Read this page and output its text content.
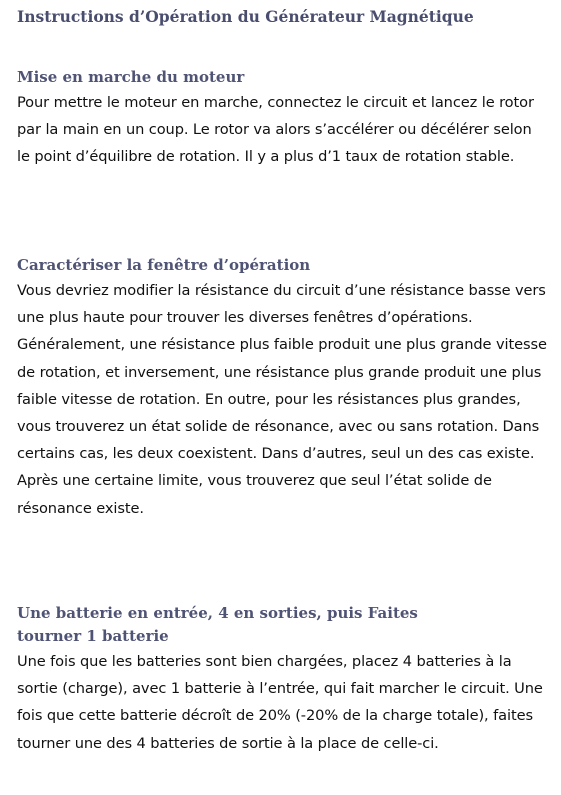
Instructions d’Opération du Générateur Magnétique
Mise en marche du moteur

Pour mettre le moteur en marche, connectez le circuit et lancez le rotor par la main en un coup. Le rotor va alors s’accélérer ou décélérer selon le point d’équilibre de rotation. Il y a plus d’1 taux de rotation stable.

Caractériser la fenêtre d’opération

Vous devriez modifier la résistance du circuit d’une résistance basse vers une plus haute pour trouver les diverses fenêtres d’opérations. Généralement, une résistance plus faible produit une plus grande vitesse de rotation, et inversement, une résistance plus grande produit une plus faible vitesse de rotation. En outre, pour les résistances plus grandes, vous trouverez un état solide de résonance, avec ou sans rotation. Dans certains cas, les deux coexistent. Dans d’autres, seul un des cas existe. Après une certaine limite, vous trouverez que seul l’état solide de résonance existe.

Une batterie en entrée, 4 en sorties, puis Faites tourner 1 batterie

Une fois que les batteries sont bien chargées, placez 4 batteries à la sortie (charge), avec 1 batterie à l’entrée, qui fait marcher le circuit. Une fois que cette batterie décroît de 20% (-20% de la charge totale), faites tourner une des 4 batteries de sortie à la place de celle-ci.
